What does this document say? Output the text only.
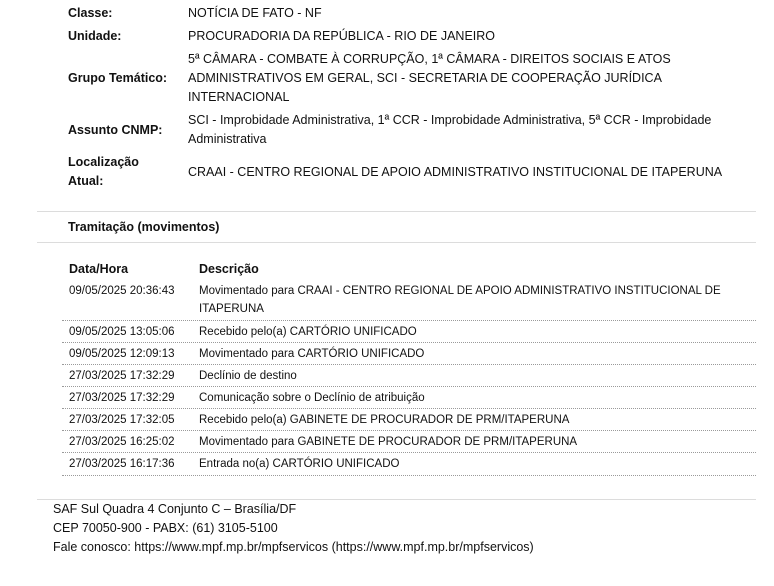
Classe:	NOTÍCIA DE FATO - NF
Unidade:	PROCURADORIA DA REPÚBLICA - RIO DE JANEIRO
Grupo Temático:
5ª CÂMARA - COMBATE À CORRUPÇÃO, 1ª CÂMARA - DIREITOS SOCIAIS E ATOS ADMINISTRATIVOS EM GERAL, SCI - SECRETARIA DE COOPERAÇÃO JURÍDICA INTERNACIONAL
Assunto CNMP:
SCI - Improbidade Administrativa, 1ª CCR - Improbidade Administrativa, 5ª CCR - Improbidade Administrativa
Localização Atual:
CRAAI - CENTRO REGIONAL DE APOIO ADMINISTRATIVO INSTITUCIONAL DE ITAPERUNA
Tramitação (movimentos)
Data/Hora	Descrição
09/05/2025 20:36:43 Movimentado para CRAAI - CENTRO REGIONAL DE APOIO ADMINISTRATIVO INSTITUCIONAL DE ITAPERUNA
09/05/2025 13:05:06 Recebido pelo(a) CARTÓRIO UNIFICADO
09/05/2025 12:09:13 Movimentado para CARTÓRIO UNIFICADO
27/03/2025 17:32:29 Declínio de destino
27/03/2025 17:32:29 Comunicação sobre o Declínio de atribuição
27/03/2025 17:32:05 Recebido pelo(a) GABINETE DE PROCURADOR DE PRM/ITAPERUNA
27/03/2025 16:25:02 Movimentado para GABINETE DE PROCURADOR DE PRM/ITAPERUNA
27/03/2025 16:17:36 Entrada no(a) CARTÓRIO UNIFICADO
SAF Sul Quadra 4 Conjunto C – Brasília/DF
CEP 70050-900 - PABX: (61) 3105-5100
Fale conosco: https://www.mpf.mp.br/mpfservicos (https://www.mpf.mp.br/mpfservicos)
